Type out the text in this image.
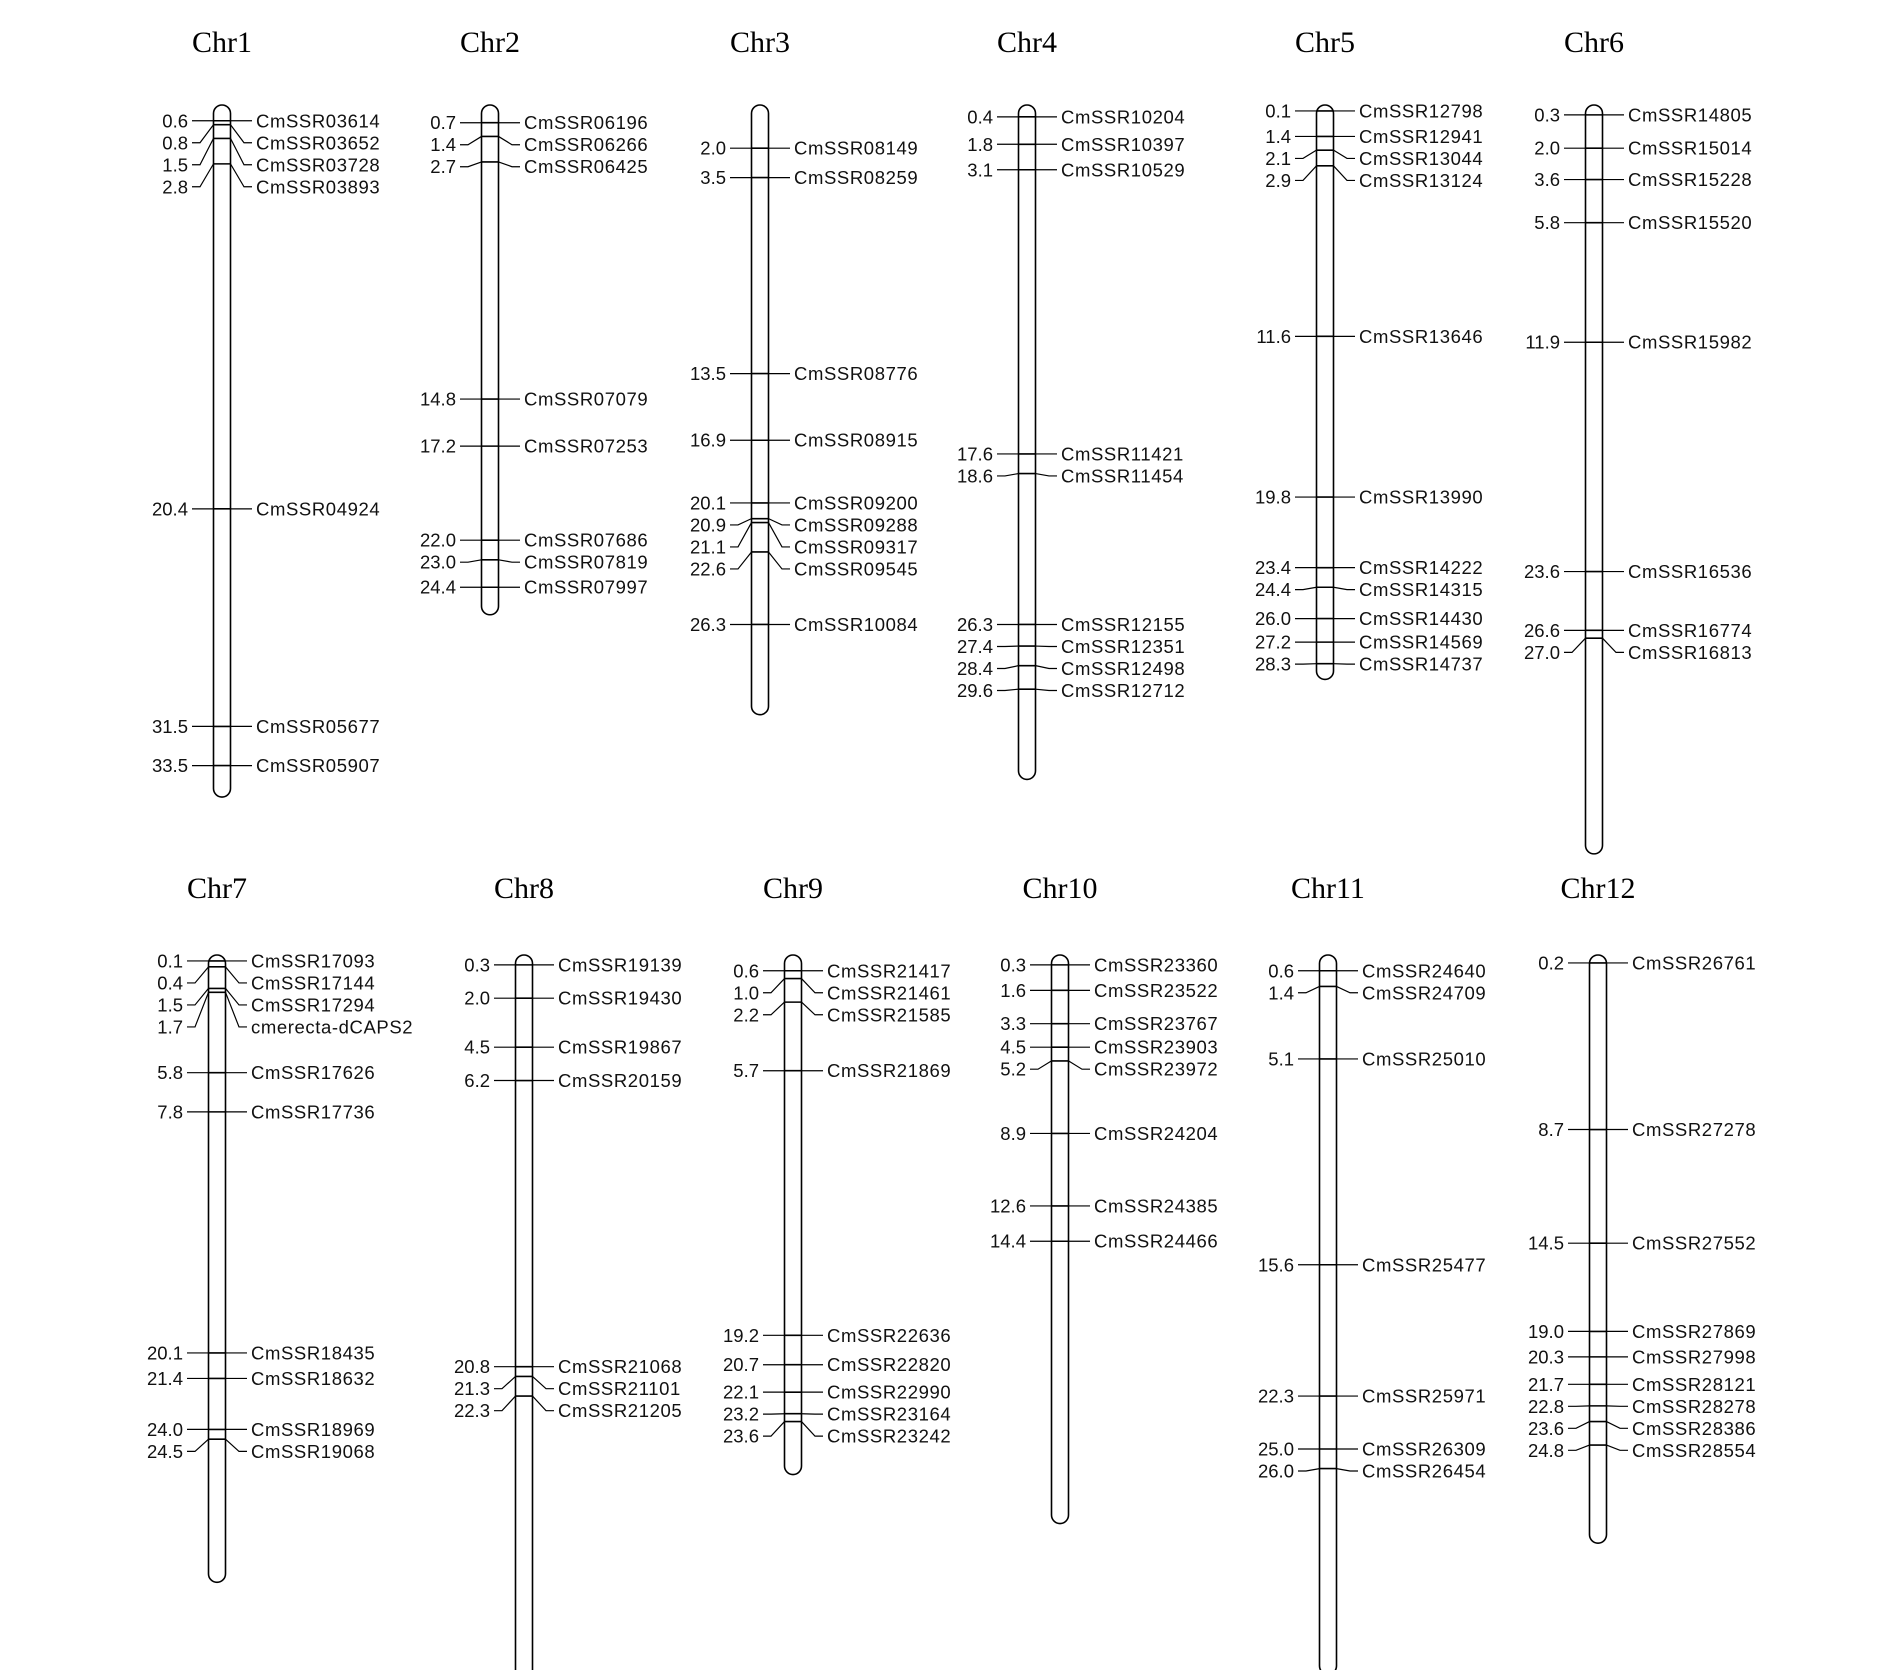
Chr1
0.6	CmSSR03614
0.8	CmSSR03652
1.5	CmSSR03728
2.8	CmSSR03893
20.4	CmSSR04924
31.5	CmSSR05677
33.5	CmSSR05907
Chr2
0.7	CmSSR06196
1.4	CmSSR06266
2.7	CmSSR06425
14.8	CmSSR07079
17.2	CmSSR07253
22.0	CmSSR07686
23.0	CmSSR07819
24.4	CmSSR07997
Chr3
2.0	CmSSR08149
3.5	CmSSR08259
13.5	CmSSR08776
16.9	CmSSR08915
20.1	CmSSR09200
20.9	CmSSR09288
21.1	CmSSR09317
22.6	CmSSR09545
26.3	CmSSR10084
Chr4
0.4	CmSSR10204
1.8	CmSSR10397
3.1	CmSSR10529
17.6	CmSSR11421
18.6	CmSSR11454
26.3	CmSSR12155
27.4	CmSSR12351
28.4	CmSSR12498
29.6	CmSSR12712
Chr5
0.1	CmSSR12798
1.4	CmSSR12941
2.1	CmSSR13044
2.9	CmSSR13124
11.6	CmSSR13646
19.8	CmSSR13990
23.4	CmSSR14222
24.4	CmSSR14315
26.0	CmSSR14430
27.2	CmSSR14569
28.3	CmSSR14737
Chr6
0.3	CmSSR14805
2.0	CmSSR15014
3.6	CmSSR15228
5.8	CmSSR15520
11.9	CmSSR15982
23.6	CmSSR16536
26.6	CmSSR16774
27.0	CmSSR16813
Chr7
0.1	CmSSR17093
0.4	CmSSR17144
1.5	CmSSR17294
1.7	cmerecta-dCAPS2
5.8	CmSSR17626
7.8	CmSSR17736
20.1	CmSSR18435
21.4	CmSSR18632
24.0	CmSSR18969
24.5	CmSSR19068
Chr8
0.3	CmSSR19139
2.0	CmSSR19430
4.5	CmSSR19867
6.2	CmSSR20159
20.8	CmSSR21068
21.3	CmSSR21101
22.3	CmSSR21205
Chr9
0.6	CmSSR21417
1.0	CmSSR21461
2.2	CmSSR21585
5.7	CmSSR21869
19.2	CmSSR22636
20.7	CmSSR22820
22.1	CmSSR22990
23.2	CmSSR23164
23.6	CmSSR23242
Chr10
0.3	CmSSR23360
1.6	CmSSR23522
3.3	CmSSR23767
4.5	CmSSR23903
5.2	CmSSR23972
8.9	CmSSR24204
12.6	CmSSR24385
14.4	CmSSR24466
Chr11
0.6	CmSSR24640
1.4	CmSSR24709
5.1	CmSSR25010
15.6	CmSSR25477
22.3	CmSSR25971
25.0	CmSSR26309
26.0	CmSSR26454
Chr12
0.2	CmSSR26761
8.7	CmSSR27278
14.5	CmSSR27552
19.0	CmSSR27869
20.3	CmSSR27998
21.7	CmSSR28121
22.8	CmSSR28278
23.6	CmSSR28386
24.8	CmSSR28554
